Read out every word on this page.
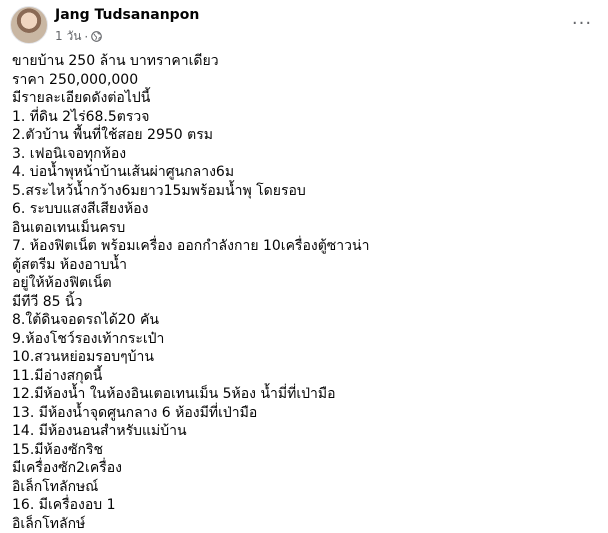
Jang Tudsananpon
1 วัน ·
···
ขายบ้าน 250 ล้าน บาทราคาเดียว
ราคา 250,000,000
มีรายละเอียดดังต่อไปนี้
1. ที่ดิน 2ไร่68.5ตรวจ
2.ตัวบ้าน พื้นที่ใช้สอย 2950 ตรม
3. เฟอนิเจอทุกห้อง
4. บ่อน้ำพุหน้าบ้านเส้นผ่าศูนกลาง6ม
5.สระไหว้น้ำกว้าง6มยาว15มพร้อมน้ำพุ โดยรอบ
6. ระบบแสงสีเสียงห้อง
อินเตอเทนเม็นครบ
7. ห้องฟิตเน็ต พร้อมเครื่อง ออกกำลังกาย 10เครื่องตู้ซาวน่า
ตู้สตรีม ห้องอาบน้ำ
อยู่ให้ห้องฟิตเน็ต
มีทีวี 85 นิ้ว
8.ใต้ดินจอดรถได้20 คัน
9.ห้องโชว์รองเท้ากระเป๋า
10.สวนหย่อมรอบๆบ้าน
11.มีอ่างสกุดนี้
12.มีห้องน้ำ ในห้องอินเตอเทนเม็น 5ห้อง น้ำมี่ที่เป่ามือ
13. มีห้องน้ำจุดศูนกลาง 6 ห้องมีที่เป่ามือ
14. มีห้องนอนสำหรับแม่บ้าน
15.มีห้องซักริช
มีเครื่องซัก2เครื่อง
อิเล็กโทลักษณ์
16. มีเครื่องอบ 1
อิเล็กโทลักษ์
